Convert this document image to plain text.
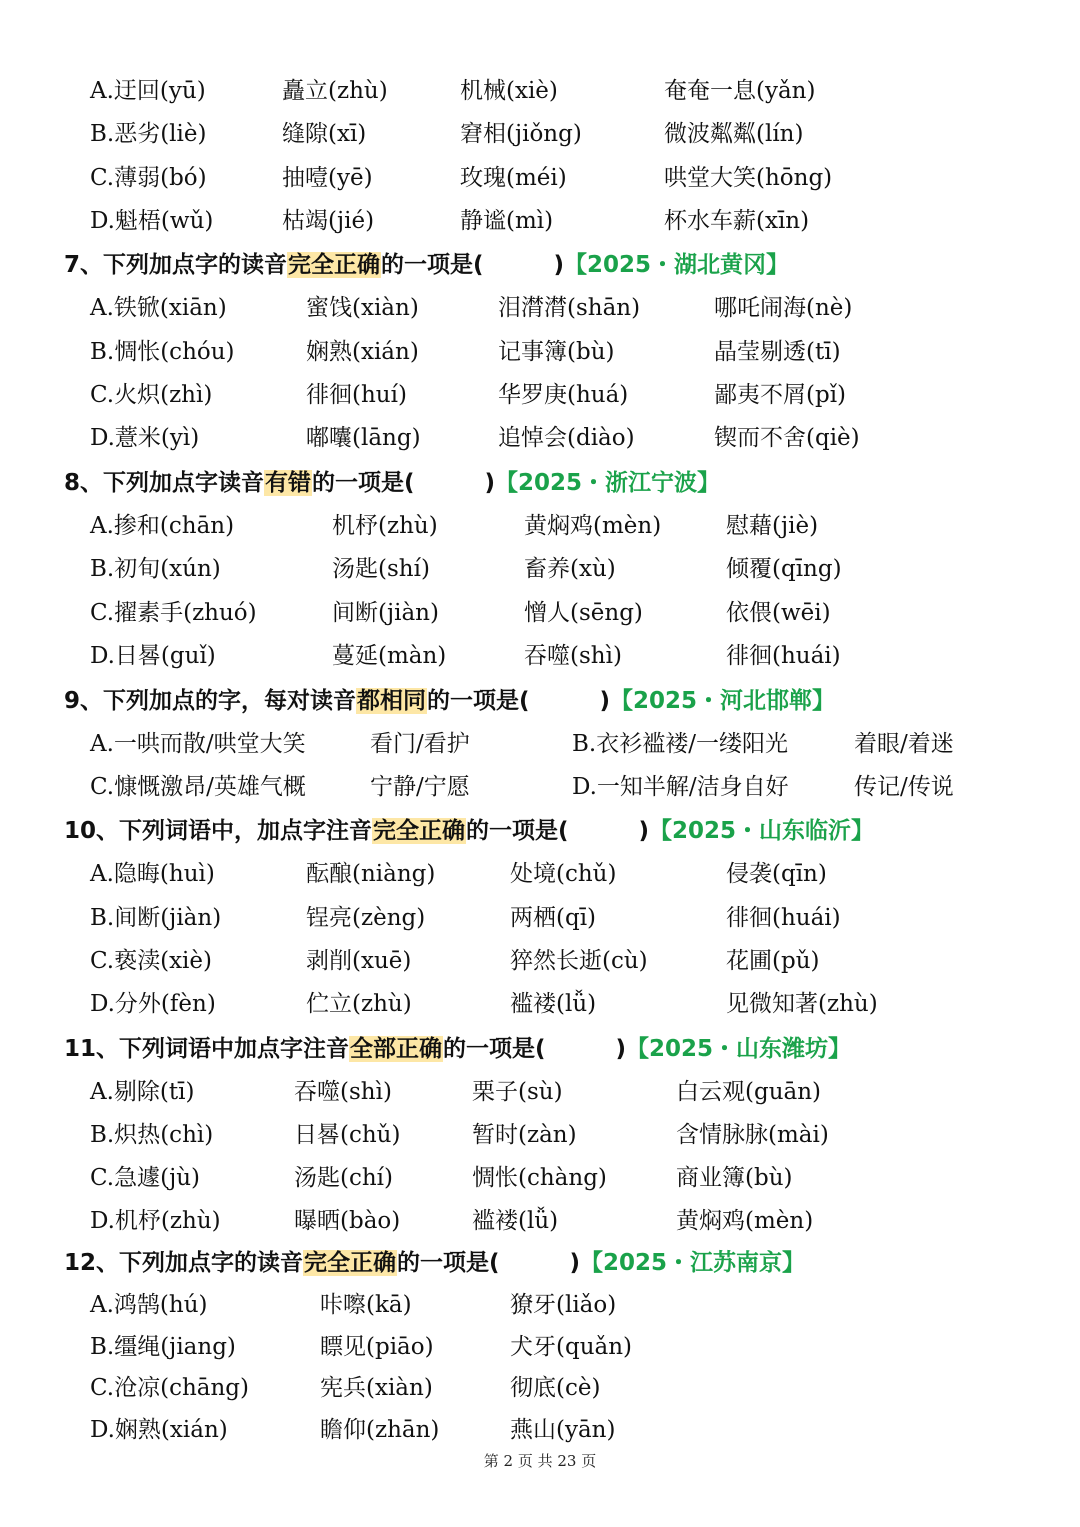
A.迂回(yū)	矗立(zhù)	机械(xiè)	奄奄一息(yǎn)
B.恶劣(liè)	缝隙(xī)	窘相(jiǒng)	微波粼粼(lín)
C.薄弱(bó)	抽噎(yē)	玫瑰(méi)	哄堂大笑(hōng)
D.魁梧(wǔ)	枯竭(jié)	静谧(mì)	杯水车薪(xīn)
A.铁锨(xiān)	蜜饯(xiàn)	泪潸潸(shān)	哪吒闹海(nè)
B.惆怅(chóu)	娴熟(xián)	记事簿(bù)	晶莹剔透(tī)
C.火炽(zhì)	徘徊(huí)	华罗庚(huá)	鄙夷不屑(pǐ)
D.薏米(yì)	嘟囔(lāng)	追悼会(diào)	锲而不舍(qiè)
A.掺和(chān)	机杼(zhù)	黄焖鸡(mèn)	慰藉(jiè)
B.初旬(xún)	汤匙(shí)	畜养(xù)	倾覆(qīng)
C.擢素手(zhuó)	间断(jiàn)	憎人(sēng)	依偎(wēi)
D.日晷(guǐ)	蔓延(màn)	吞噬(shì)	徘徊(huái)
A.一哄而散/哄堂大笑	看门/看护	B.衣衫褴褛/一缕阳光	着眼/着迷
C.慷慨激昂/英雄气概	宁静/宁愿	D.一知半解/洁身自好	传记/传说
A.隐晦(huì)	酝酿(niàng)	处境(chǔ)	侵袭(qīn)
B.间断(jiàn)	锃亮(zèng)	两栖(qī)	徘徊(huái)
C.亵渎(xiè)	剥削(xuē)	猝然长逝(cù)	花圃(pǔ)
D.分外(fèn)	伫立(zhù)	褴褛(lǚ)	见微知著(zhù)
A.剔除(tī)	吞噬(shì)	栗子(sù)	白云观(guān)
B.炽热(chì)	日晷(chǔ)	暂时(zàn)	含情脉脉(mài)
C.急遽(jù)	汤匙(chí)	惆怅(chàng)	商业簿(bù)
D.机杼(zhù)	曝晒(bào)	褴褛(lǚ)	黄焖鸡(mèn)
A.鸿鹄(hú)	咔嚓(kā)	獠牙(liǎo)
B.缰绳(jiang)	瞟见(piāo)	犬牙(quǎn)
C.沧凉(chāng)	宪兵(xiàn)	彻底(cè)
D.娴熟(xián)	瞻仰(zhān)	燕山(yān)
7、下列加点字的读音完全正确的一项是(	)【2025・湖北黄冈】
8、下列加点字读音有错的一项是(	)【2025・浙江宁波】
9、下列加点的字，每对读音都相同的一项是(	)【2025・河北邯郸】
10、下列词语中，加点字注音完全正确的一项是(	)【2025・山东临沂】
11、下列词语中加点字注音全部正确的一项是(	)【2025・山东潍坊】
12、下列加点字的读音完全正确的一项是(	)【2025・江苏南京】
第 2 页 共 23 页
